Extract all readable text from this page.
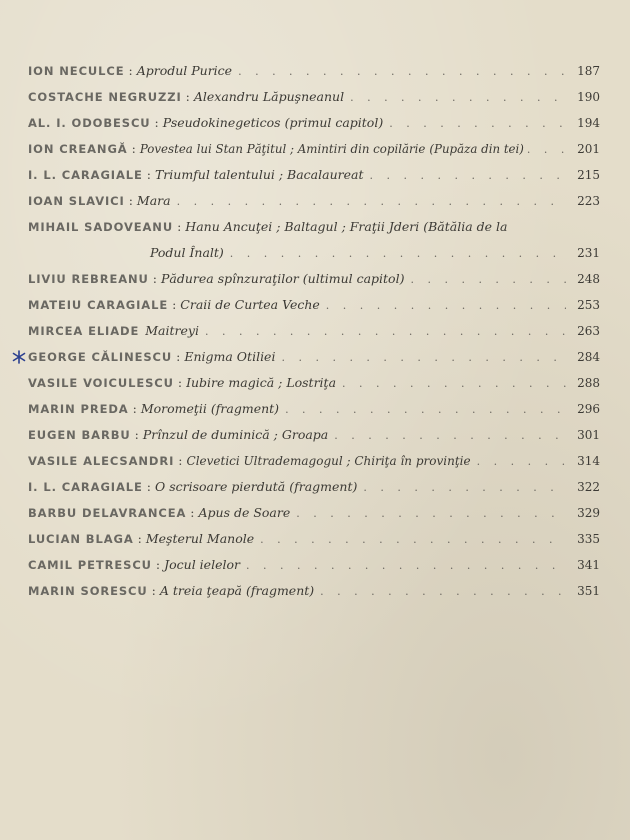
ION NECULCE : Aprodul Purice . . .	187
COSTACHE NEGRUZZI : Alexandru Lăpuşneanul . . .	190
AL. I. ODOBESCU : Pseudokinegeticos (primul capitol) . . .	194
ION CREANGĂ : Povestea lui Stan Păţitul ; Amintiri din copilărie (Pupăza din tei) . . .	201
I. L. CARAGIALE : Triumful talentului ; Bacalaureat . . .	215
IOAN SLAVICI : Mara . . .	223
MIHAIL SADOVEANU : Hanu Ancuţei ; Baltagul ; Fraţii Jderi (Bătălia de la
Podul Înalt) . . .	231
LIVIU REBREANU : Pădurea spînzuraţilor (ultimul capitol) . . .	248
MATEIU CARAGIALE : Craii de Curtea Veche . . .	253
MIRCEA ELIADE Maitreyi . . .	263
GEORGE CĂLINESCU : Enigma Otiliei . . .	284
VASILE VOICULESCU : Iubire magică ; Lostriţa . . .	288
MARIN PREDA : Moromeţii (fragment) . . .	296
EUGEN BARBU : Prînzul de duminică ; Groapa . . .	301
VASILE ALECSANDRI : Clevetici Ultrademagogul ; Chiriţa în provinţie . . .	314
I. L. CARAGIALE : O scrisoare pierdută (fragment) . . .	322
BARBU DELAVRANCEA : Apus de Soare . . .	329
LUCIAN BLAGA : Meşterul Manole . . .	335
CAMIL PETRESCU : Jocul ielelor . . .	341
MARIN SORESCU : A treia ţeapă (fragment) . . .	351
